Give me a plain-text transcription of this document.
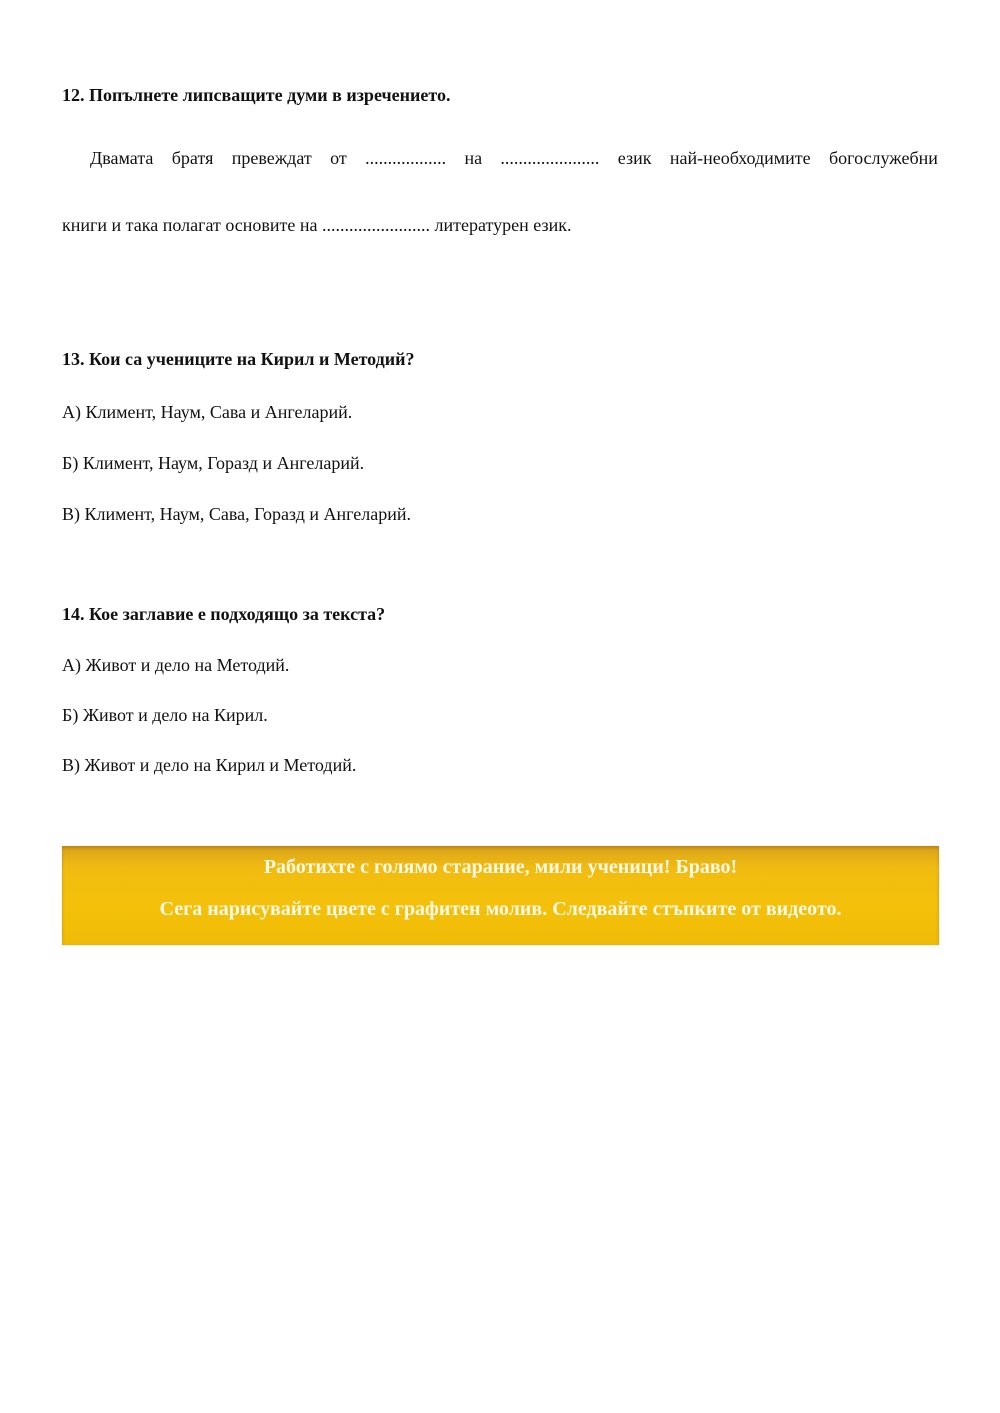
12. Попълнете липсващите думи в изречението.
Двамата братя превеждат от .................. на ...................... език най-необходимите богослужебни
книги и така полагат основите на ........................ литературен език.
13. Кои са учениците на Кирил и Методий?
А) Климент, Наум, Сава и Ангеларий.
Б) Климент, Наум, Горазд и Ангеларий.
В) Климент, Наум, Сава, Горазд и Ангеларий.
14. Кое заглавие е подходящо за текста?
А) Живот и дело на Методий.
Б) Живот и дело на Кирил.
В) Живот и дело на Кирил и Методий.
Работихте с голямо старание, мили ученици! Браво!
Сега нарисувайте цвете с графитен молив. Следвайте стъпките от видеото.
